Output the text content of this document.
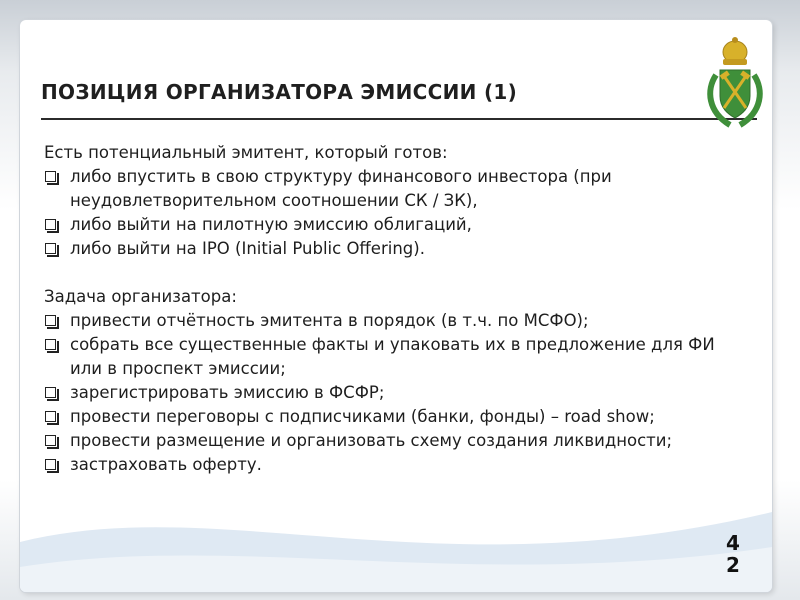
ПОЗИЦИЯ ОРГАНИЗАТОРА ЭМИССИИ (1)

Есть потенциальный эмитент, который готов:

либо впустить в свою структуру финансового инвестора (при неудовлетворительном соотношении СК / ЗК),
либо выйти на пилотную эмиссию облигаций,
либо выйти на IPO (Initial Public Offering).

Задача организатора:

привести отчётность эмитента в порядок (в т.ч. по МСФО);
собрать все существенные факты и упаковать их в предложение для ФИ или в проспект эмиссии;
зарегистрировать эмиссию в ФСФР;
провести переговоры с подписчиками (банки, фонды) – road show;
провести размещение и организовать схему создания ликвидности;
застраховать оферту.
4
2
